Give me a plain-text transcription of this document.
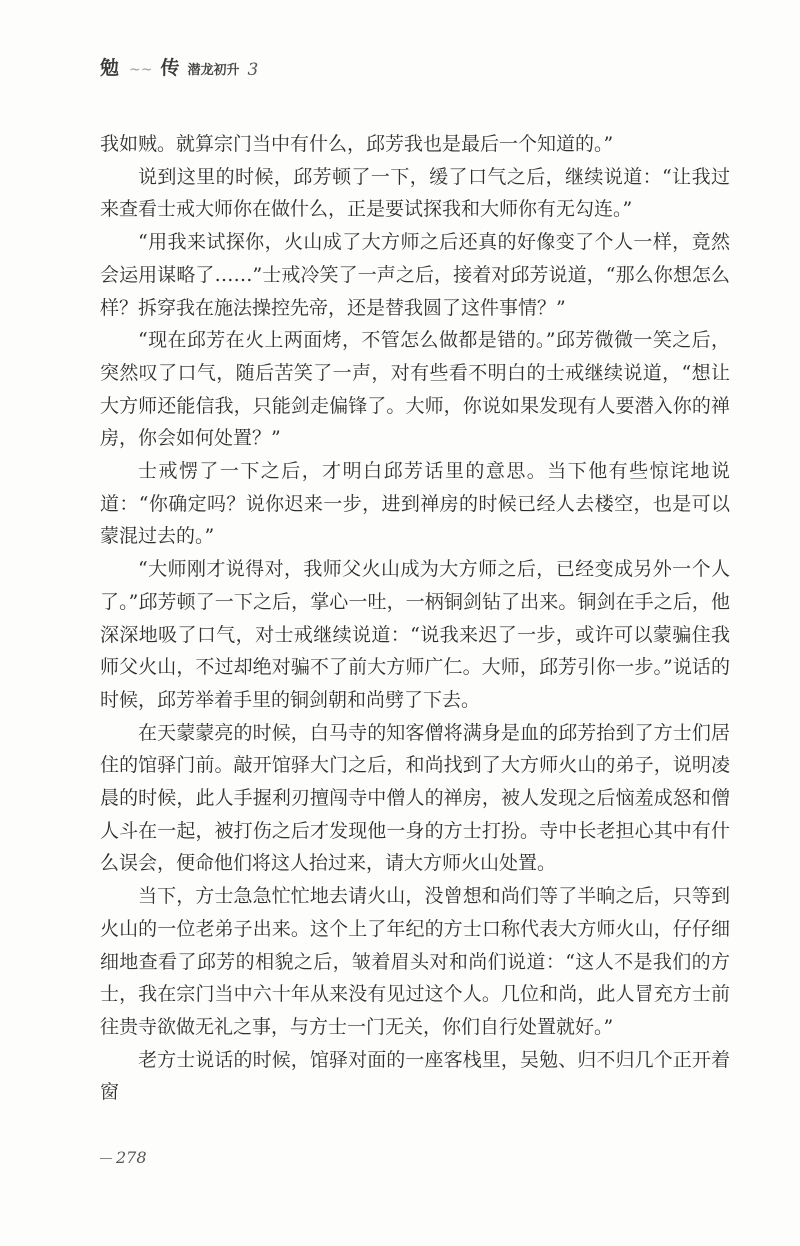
勉 ~~ 传 潜龙初升 3

我如贼。就算宗门当中有什么，邱芳我也是最后一个知道的。”

说到这里的时候，邱芳顿了一下，缓了口气之后，继续说道：“让我过来查看士戒大师你在做什么，正是要试探我和大师你有无勾连。”

“用我来试探你，火山成了大方师之后还真的好像变了个人一样，竟然会运用谋略了……”士戒冷笑了一声之后，接着对邱芳说道，“那么你想怎么样？拆穿我在施法操控先帝，还是替我圆了这件事情？”

“现在邱芳在火上两面烤，不管怎么做都是错的。”邱芳微微一笑之后，突然叹了口气，随后苦笑了一声，对有些看不明白的士戒继续说道，“想让大方师还能信我，只能剑走偏锋了。大师，你说如果发现有人要潜入你的禅房，你会如何处置？”

士戒愣了一下之后，才明白邱芳话里的意思。当下他有些惊诧地说道：“你确定吗？说你迟来一步，进到禅房的时候已经人去楼空，也是可以蒙混过去的。”

“大师刚才说得对，我师父火山成为大方师之后，已经变成另外一个人了。”邱芳顿了一下之后，掌心一吐，一柄铜剑钻了出来。铜剑在手之后，他深深地吸了口气，对士戒继续说道：“说我来迟了一步，或许可以蒙骗住我师父火山，不过却绝对骗不了前大方师广仁。大师，邱芳引你一步。”说话的时候，邱芳举着手里的铜剑朝和尚劈了下去。

在天蒙蒙亮的时候，白马寺的知客僧将满身是血的邱芳抬到了方士们居住的馆驿门前。敲开馆驿大门之后，和尚找到了大方师火山的弟子，说明凌晨的时候，此人手握利刃擅闯寺中僧人的禅房，被人发现之后恼羞成怒和僧人斗在一起，被打伤之后才发现他一身的方士打扮。寺中长老担心其中有什么误会，便命他们将这人抬过来，请大方师火山处置。

当下，方士急急忙忙地去请火山，没曾想和尚们等了半晌之后，只等到火山的一位老弟子出来。这个上了年纪的方士口称代表大方师火山，仔仔细细地查看了邱芳的相貌之后，皱着眉头对和尚们说道：“这人不是我们的方士，我在宗门当中六十年从来没有见过这个人。几位和尚，此人冒充方士前往贵寺欲做无礼之事，与方士一门无关，你们自行处置就好。”

老方士说话的时候，馆驿对面的一座客栈里，吴勉、归不归几个正开着窗

278
